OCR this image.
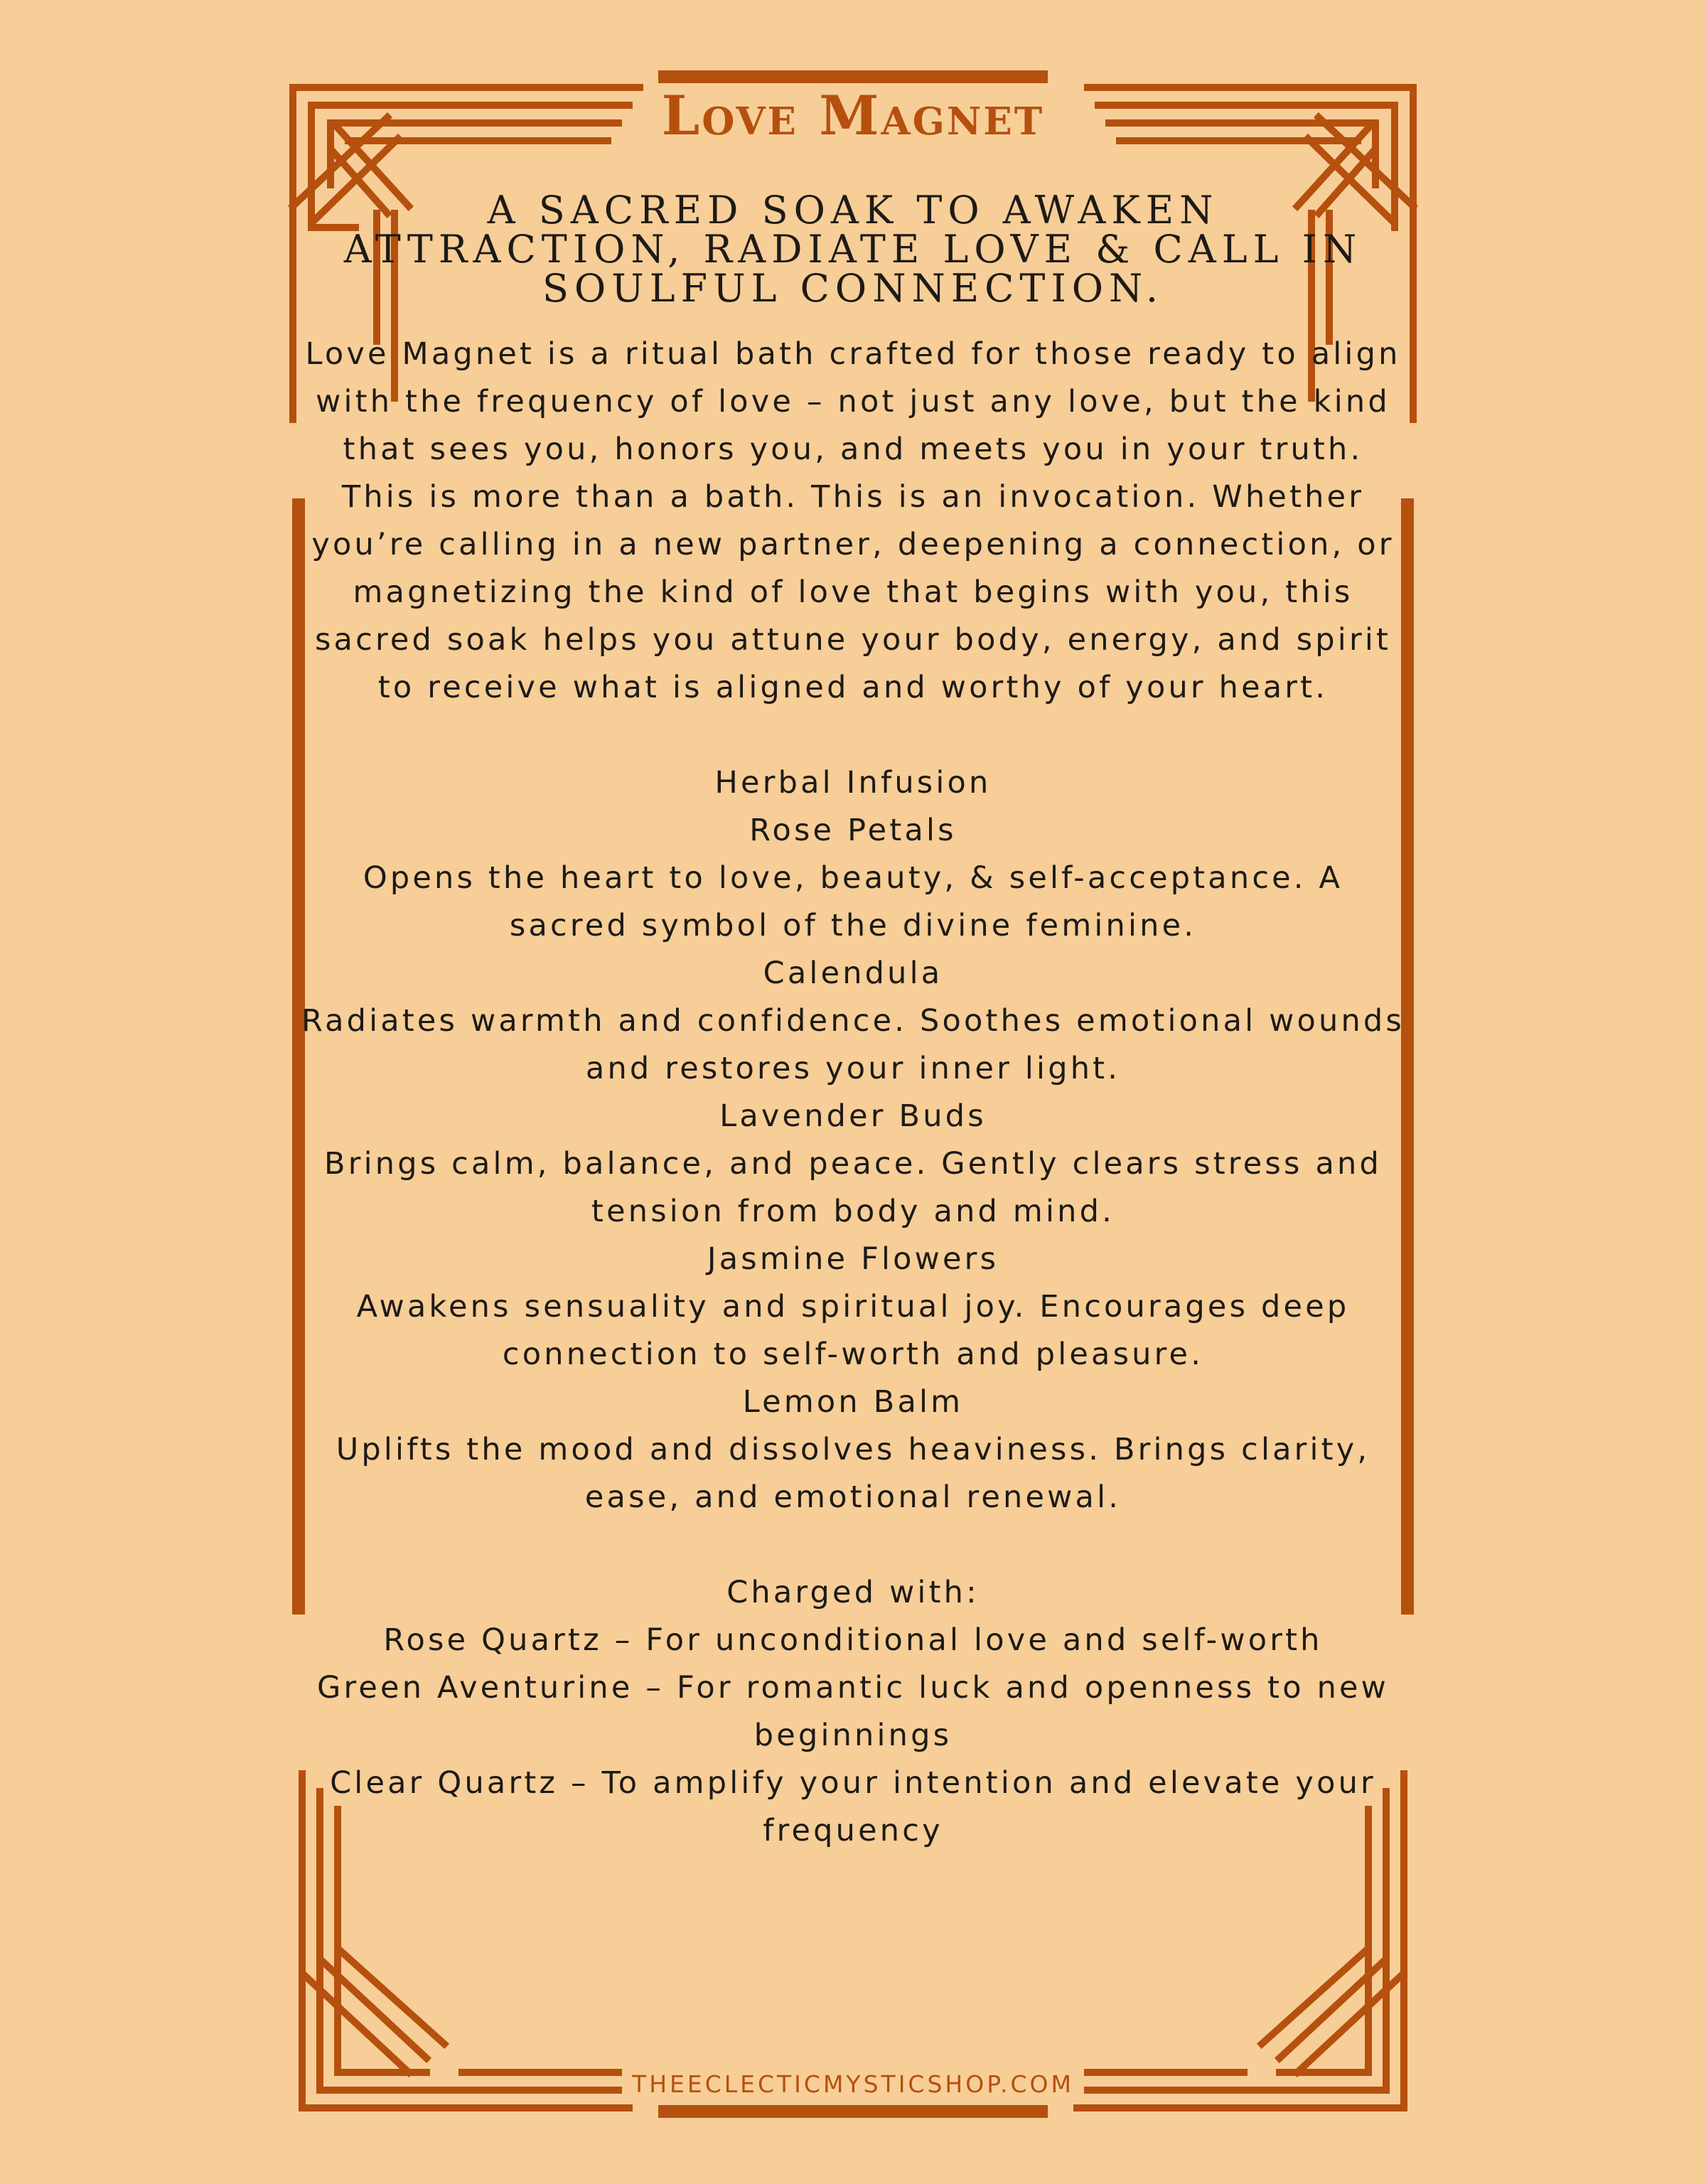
Love Magnet
A SACRED SOAK TO AWAKEN ATTRACTION, RADIATE LOVE & CALL IN SOULFUL CONNECTION.

Love Magnet is a ritual bath crafted for those ready to align with the frequency of love – not just any love, but the kind that sees you, honors you, and meets you in your truth.

This is more than a bath. This is an invocation. Whether you’re calling in a new partner, deepening a connection, or magnetizing the kind of love that begins with you, this sacred soak helps you attune your body, energy, and spirit to receive what is aligned and worthy of your heart.

Herbal Infusion

Rose Petals

Opens the heart to love, beauty, & self-acceptance. A sacred symbol of the divine feminine.

Calendula

Radiates warmth and confidence. Soothes emotional wounds and restores your inner light.

Lavender Buds

Brings calm, balance, and peace. Gently clears stress and tension from body and mind.

Jasmine Flowers

Awakens sensuality and spiritual joy. Encourages deep connection to self-worth and pleasure.

Lemon Balm

Uplifts the mood and dissolves heaviness. Brings clarity, ease, and emotional renewal.

Charged with:

Rose Quartz – For unconditional love and self-worth

Green Aventurine – For romantic luck and openness to new beginnings

Clear Quartz – To amplify your intention and elevate your frequency

THEECLECTICMYSTICSHOP.COM
